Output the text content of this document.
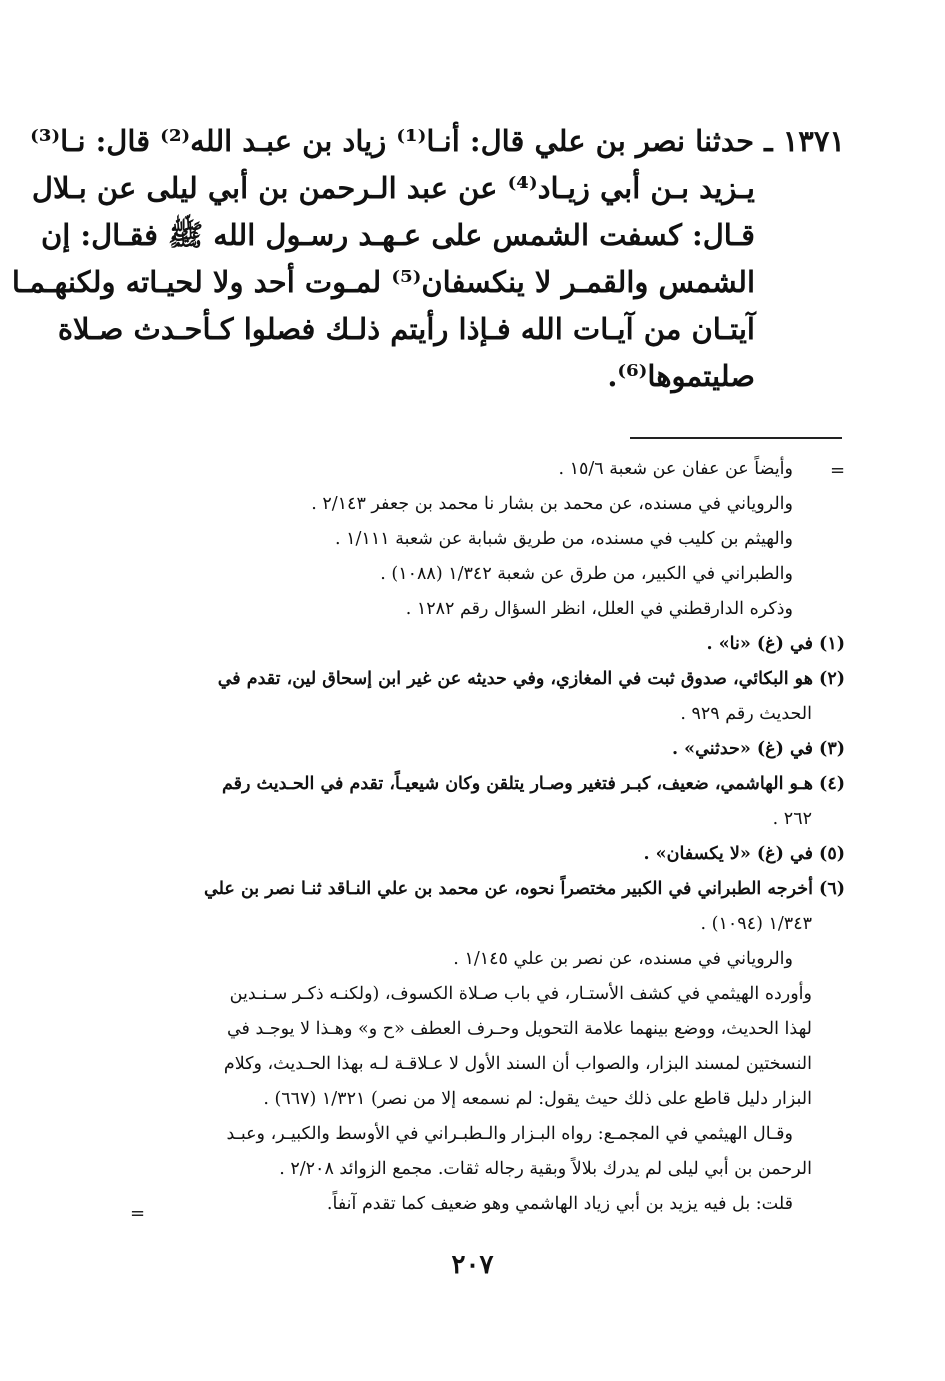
١٣٧١ ـ حدثنا نصر بن علي قال: أنـا⁽¹⁾ زياد بن عبـد الله⁽²⁾ قال: نـا⁽³⁾
يـزيد بـن أبي زيـاد⁽⁴⁾ عن عبد الـرحمن بن أبي ليلى عن بـلال
قـال: كسفت الشمس على عـهـد رسـول الله ﷺ فقـال: إن
الشمس والقمـر لا ينكسفان⁽⁵⁾ لمـوت أحد ولا لحيـاته ولكنهـمـا
آيتـان من آيـات الله فـإذا رأيتم ذلـك فصلوا كـأحـدث صـلاة
صليتموها⁽⁶⁾.
=
وأيضاً عن عفان عن شعبة ١٥/٦ .
والروياني في مسنده، عن محمد بن بشار نا محمد بن جعفر ٢/١٤٣ .
والهيثم بن كليب في مسنده، من طريق شبابة عن شعبة ١/١١١ .
والطبراني في الكبير، من طرق عن شعبة ١/٣٤٢ (١٠٨٨) .
وذكره الدارقطني في العلل، انظر السؤال رقم ١٢٨٢ .
(١) في (غ) «نا» .
(٢) هو البكائي، صدوق ثبت في المغازي، وفي حديثه عن غير ابن إسحاق لين، تقدم في
الحديث رقم ٩٢٩ .
(٣) في (غ) «حدثني» .
(٤) هـو الهاشمي، ضعيف، كبـر فتغير وصـار يتلقن وكان شيعيـاً، تقدم في الحـديث رقم
٢٦٢ .
(٥) في (غ) «لا يكسفان» .
(٦) أخرجه الطبراني في الكبير مختصراً نحوه، عن محمد بن علي النـاقد ثنـا نصر بن علي
١/٣٤٣ (١٠٩٤) .
والروياني في مسنده، عن نصر بن علي ١/١٤٥ .
وأورده الهيثمي في كشف الأستـار، في باب صـلاة الكسوف، (ولكنـه ذكـر سـنـدين
لهذا الحديث، ووضع بينهما علامة التحويل وحـرف العطف «ح و» وهـذا لا يوجـد في
النسختين لمسند البزار، والصواب أن السند الأول لا عـلاقـة لـه بهذا الحـديث، وكلام
البزار دليل قاطع على ذلك حيث يقول: لم نسمعه إلا من نصر) ١/٣٢١ (٦٦٧) .
وقـال الهيثمي في المجمـع: رواه البـزار والـطبـراني في الأوسط والكبيـر، وعبـد
الرحمن بن أبي ليلى لم يدرك بلالاً وبقية رجاله ثقات. مجمع الزوائد ٢/٢٠٨ .
قلت: بل فيه يزيد بن أبي زياد الهاشمي وهو ضعيف كما تقدم آنفاً.
=
٢٠٧
